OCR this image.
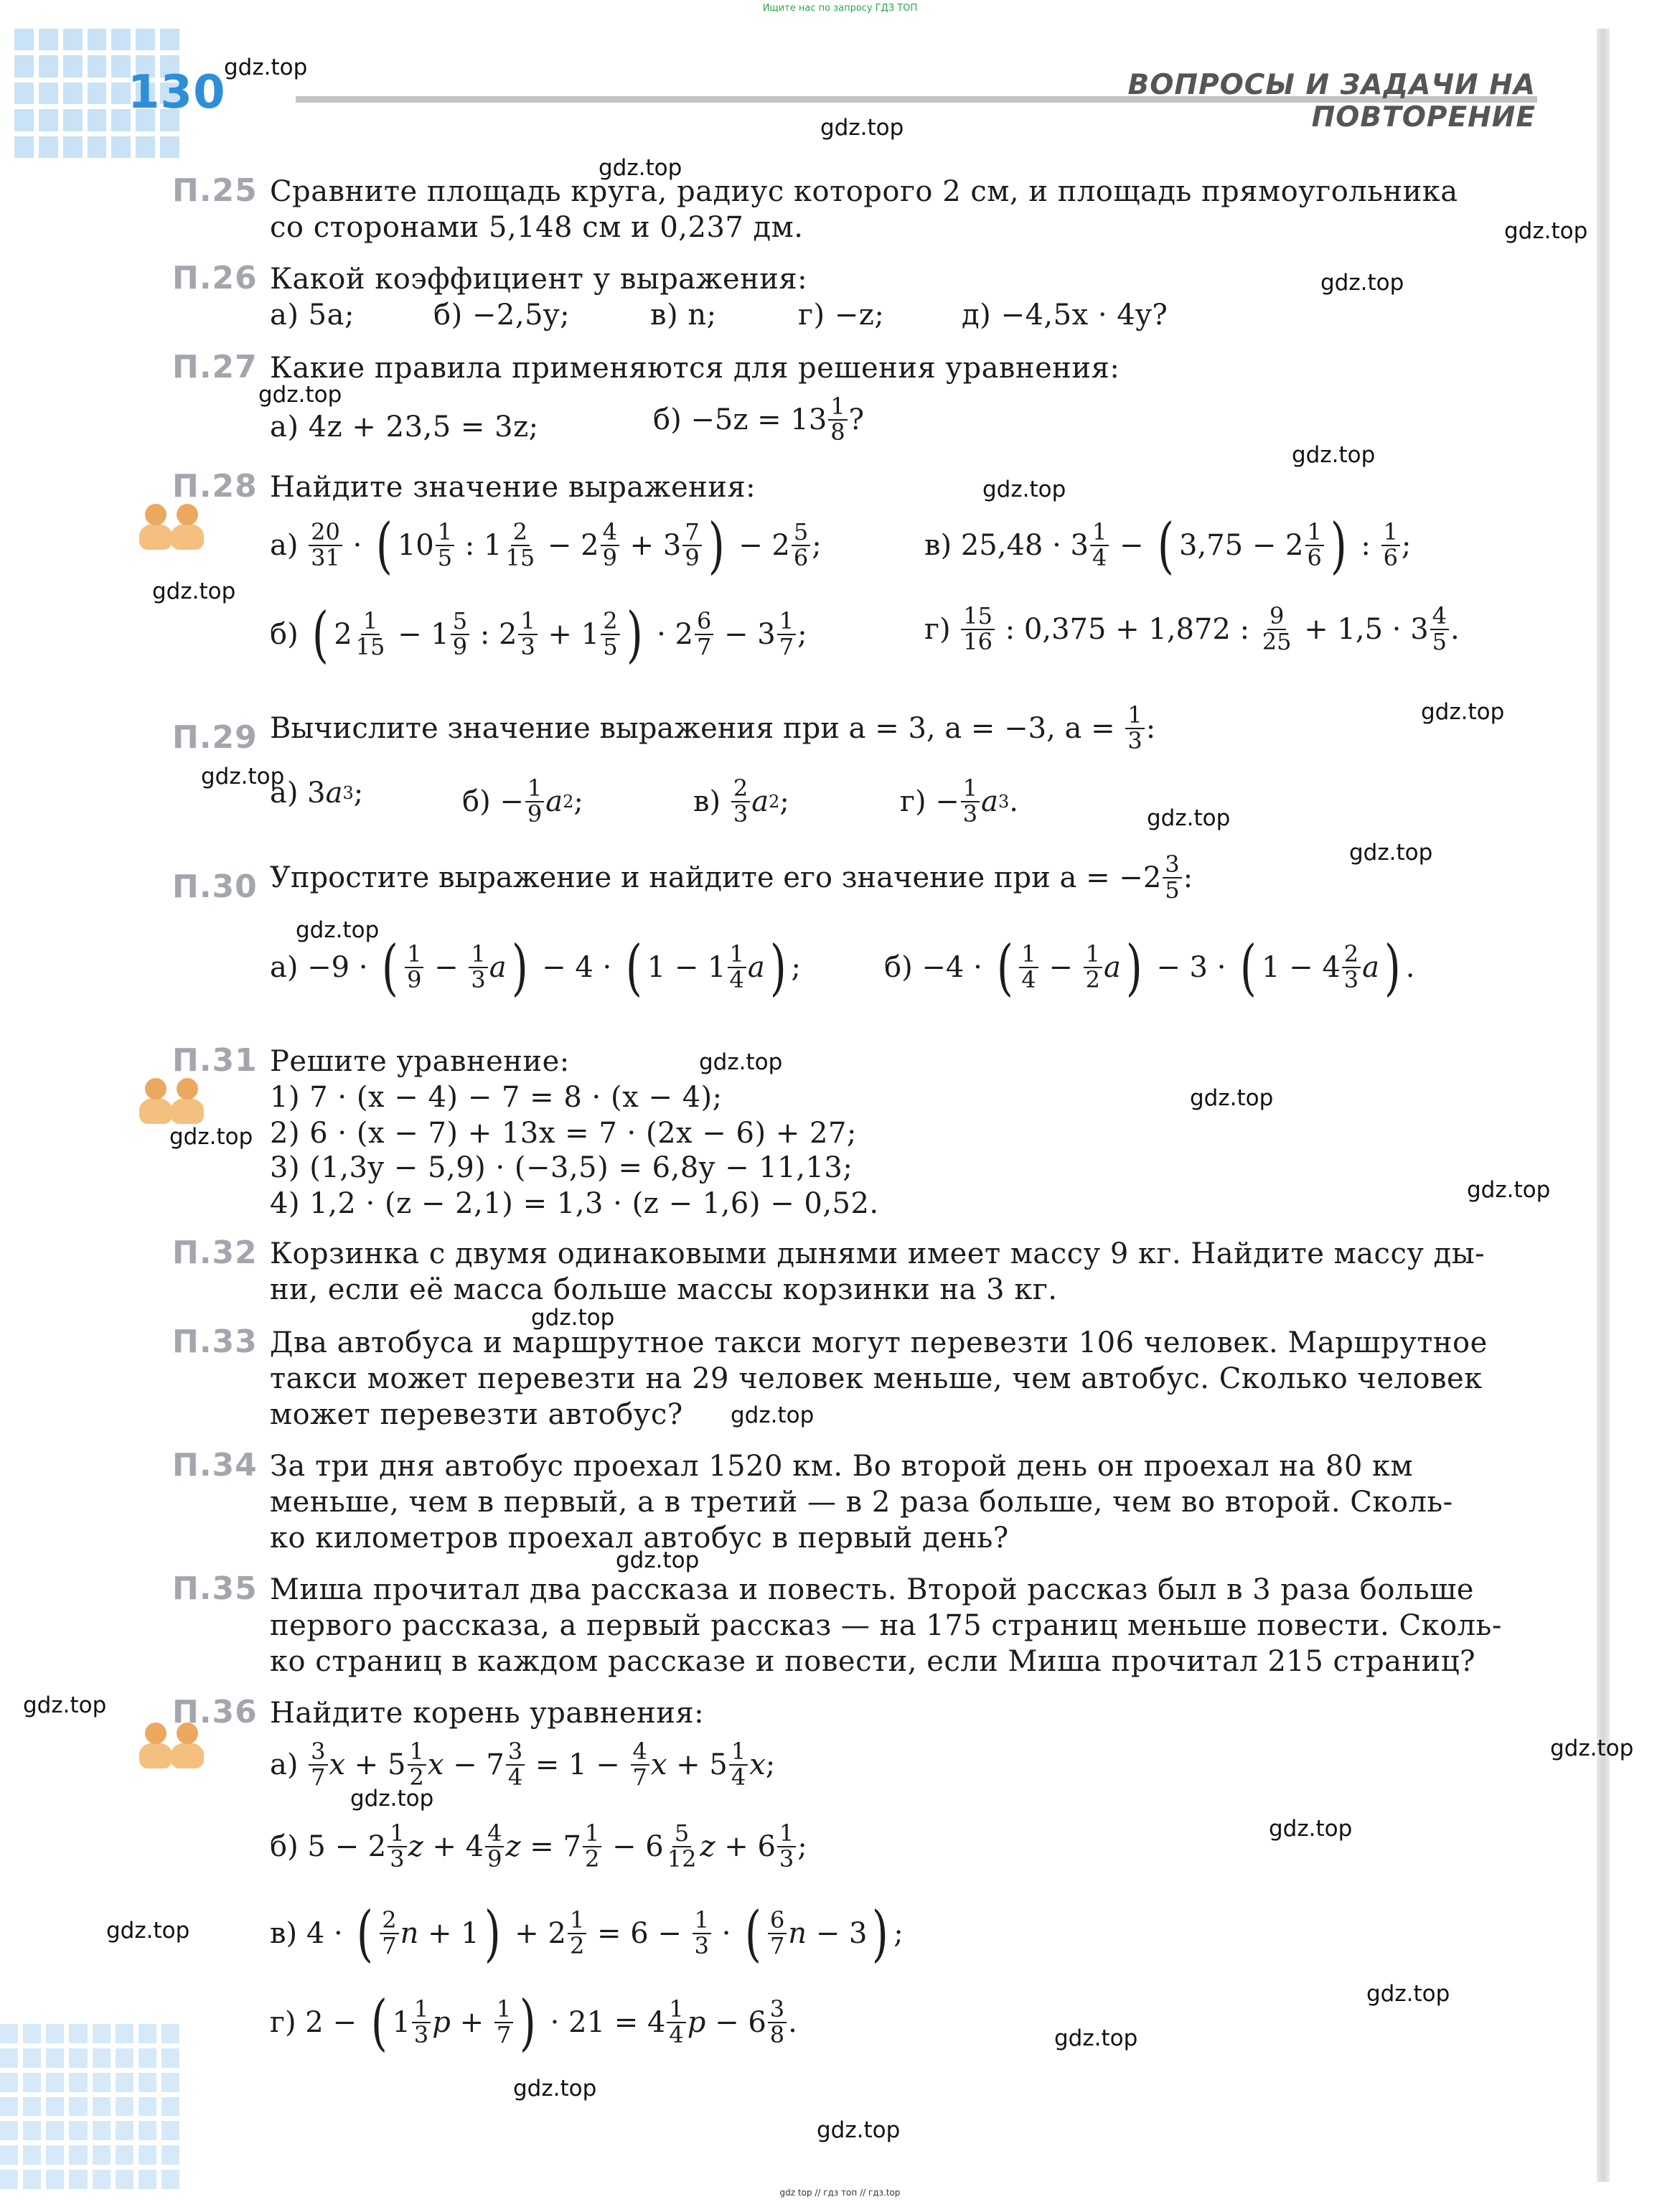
Ищите нас по запросу ГДЗ ТОП
130	ВОПРОСЫ И ЗАДАЧИ НА ПОВТОРЕНИЕ
П.25 Сравните площадь круга, радиус которого 2 см, и площадь прямоугольника
со сторонами 5,148 см и 0,237 дм.
П.26 Какой коэффициент у выражения:
а) 5a;	б) −2,5y;	в) n;	г) −z;	д) −4,5x · 4y?
П.27 Какие правила применяются для решения уравнения:
а) 4z + 23,5 = 3z;	$б) -5z = 13 \frac{1}{8}$ ?
П.28 Найдите значение выражения:
$а) \frac{20}{31}$ · ( $10 \frac{1}{5}$ : $1 \frac{2}{15} - 2 \frac{4}{9} + 3 \frac{7}{9}$ ) − $2 \frac{5}{6}$ ;	в) $25,48 \cdot 3 \frac{1}{4}$ − ( $3,75 - 2 \frac{1}{6}$ ) : $\frac{1}{6}$ ;
б) ( $2 \frac{1}{15} - 1 \frac{5}{9}$ : $2 \frac{1}{3} + 1 \frac{2}{5}$ ) · $2 \frac{6}{7} - 3 \frac{1}{7}$ ;	$г) \frac{15}{16}$ : 0,375 + 1,872 : $\frac{9}{25} + 1,5 \cdot 3 \frac{4}{5}$ .
П.29 Вычислите значение выражения при a = 3, a = −3, a =
$\frac{1}{3}$ :
а) 3 a 3 ;	$б) - \frac{1}{9}$ a 2 ;	$в) \frac{2}{3}$ a 2 ;	$г) - \frac{1}{3}$ a 3 .
П.30 Упростите выражение и найдите его значение при $a = -2 \frac{3}{5}$ :
а) −9 · ( $\frac{1}{9} - \frac{1}{3}$ a ) − 4 · ( $1 - 1 \frac{1}{4}$ a ) ;	б) −4 · ( $\frac{1}{4} - \frac{1}{2}$ a ) − 3 · ( $1 - 4 \frac{2}{3}$ a ) .
П.31 Решите уравнение:
1) 7 · (x − 4) − 7 = 8 · (x − 4);
2) 6 · (x − 7) + 13x = 7 · (2x − 6) + 27;
3) (1,3y − 5,9) · (−3,5) = 6,8y − 11,13;
4) 1,2 · (z − 2,1) = 1,3 · (z − 1,6) − 0,52.
П.32 Корзинка с двумя одинаковыми дынями имеет массу 9 кг. Найдите массу ды-
ни, если её масса больше массы корзинки на 3 кг.
П.33 Два автобуса и маршрутное такси могут перевезти 106 человек. Маршрутное
такси может перевезти на 29 человек меньше, чем автобус. Сколько человек
может перевезти автобус?
П.34 За три дня автобус проехал 1520 км. Во второй день он проехал на 80 км
меньше, чем в первый, а в третий — в 2 раза больше, чем во второй. Сколь-
ко километров проехал автобус в первый день?
П.35 Миша прочитал два рассказа и повесть. Второй рассказ был в 3 раза больше
первого рассказа, а первый рассказ — на 175 страниц меньше повести. Сколь-
ко страниц в каждом рассказе и повести, если Миша прочитал 215 страниц?
П.36 Найдите корень уравнения:
$а) \frac{3}{7}$ $x + 5 \frac{1}{2}$ $x - 7 \frac{3}{4} = 1 - \frac{4}{7}$ $x + 5 \frac{1}{4}$ x ;
б) $5 - 2 \frac{1}{3}$ $z + 4 \frac{4}{9}$ $z = 7 \frac{1}{2} - 6 \frac{5}{12}$ $z + 6 \frac{1}{3}$ ;
в) 4 · ( $\frac{2}{7}$ n + 1 ) + $2 \frac{1}{2} = 6 - \frac{1}{3}$ · ( $\frac{6}{7}$ n − 3 ) ;
г) 2 − ( $1 \frac{1}{3}$ $p + \frac{1}{7}$ ) · $21 = 4 \frac{1}{4}$ $p - 6 \frac{3}{8}$ .
gdz.top
gdz.top
gdz.top
gdz.top
gdz.top
gdz.top
gdz.top
gdz.top
gdz.top
gdz.top
gdz.top
gdz.top
gdz.top
gdz.top
gdz.top
gdz.top
gdz.top
gdz.top
gdz.top
gdz.top
gdz.top
gdz.top
gdz.top
gdz.top
gdz.top
gdz.top
gdz.top
gdz.top
gdz.top
gdz.top
gdz top // гдз топ // гдз.top
